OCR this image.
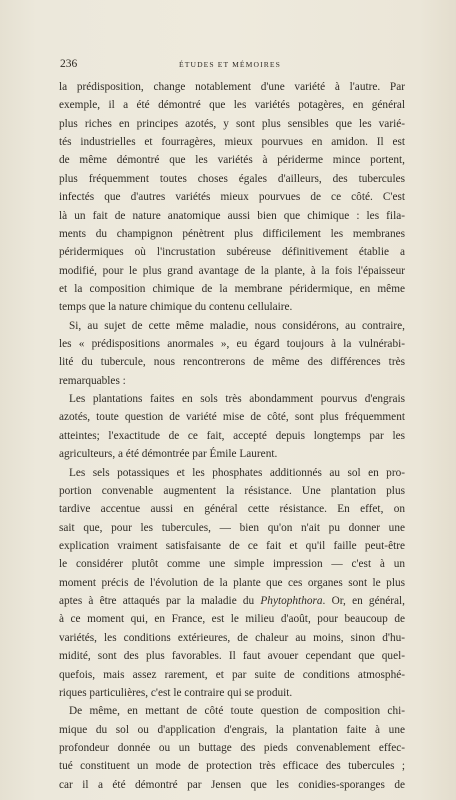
236	ÉTUDES ET MÉMOIRES
la prédisposition, change notablement d'une variété à l'autre. Par
exemple, il a été démontré que les variétés potagères, en général
plus riches en principes azotés, y sont plus sensibles que les varié-
tés industrielles et fourragères, mieux pourvues en amidon. Il est
de même démontré que les variétés à périderme mince portent,
plus fréquemment toutes choses égales d'ailleurs, des tubercules
infectés que d'autres variétés mieux pourvues de ce côté. C'est
là un fait de nature anatomique aussi bien que chimique : les fila-
ments du champignon pénètrent plus difficilement les membranes
péridermiques où l'incrustation subéreuse définitivement établie a
modifié, pour le plus grand avantage de la plante, à la fois l'épaisseur
et la composition chimique de la membrane péridermique, en même
temps que la nature chimique du contenu cellulaire.
Si, au sujet de cette même maladie, nous considérons, au contraire,
les « prédispositions anormales », eu égard toujours à la vulnérabi-
lité du tubercule, nous rencontrerons de même des différences très
remarquables :
Les plantations faites en sols très abondamment pourvus d'engrais
azotés, toute question de variété mise de côté, sont plus fréquemment
atteintes; l'exactitude de ce fait, accepté depuis longtemps par les
agriculteurs, a été démontrée par Émile Laurent.
Les sels potassiques et les phosphates additionnés au sol en pro-
portion convenable augmentent la résistance. Une plantation plus
tardive accentue aussi en général cette résistance. En effet, on
sait que, pour les tubercules, — bien qu'on n'ait pu donner une
explication vraiment satisfaisante de ce fait et qu'il faille peut-être
le considérer plutôt comme une simple impression — c'est à un
moment précis de l'évolution de la plante que ces organes sont le plus
aptes à être attaqués par la maladie du Phytophthora. Or, en général,
à ce moment qui, en France, est le milieu d'août, pour beaucoup de
variétés, les conditions extérieures, de chaleur au moins, sinon d'hu-
midité, sont des plus favorables. Il faut avouer cependant que quel-
quefois, mais assez rarement, et par suite de conditions atmosphé-
riques particulières, c'est le contraire qui se produit.
De même, en mettant de côté toute question de composition chi-
mique du sol ou d'application d'engrais, la plantation faite à une
profondeur donnée ou un buttage des pieds convenablement effec-
tué constituent un mode de protection très efficace des tubercules ;
car il a été démontré par Jensen que les conidies-sporanges de
